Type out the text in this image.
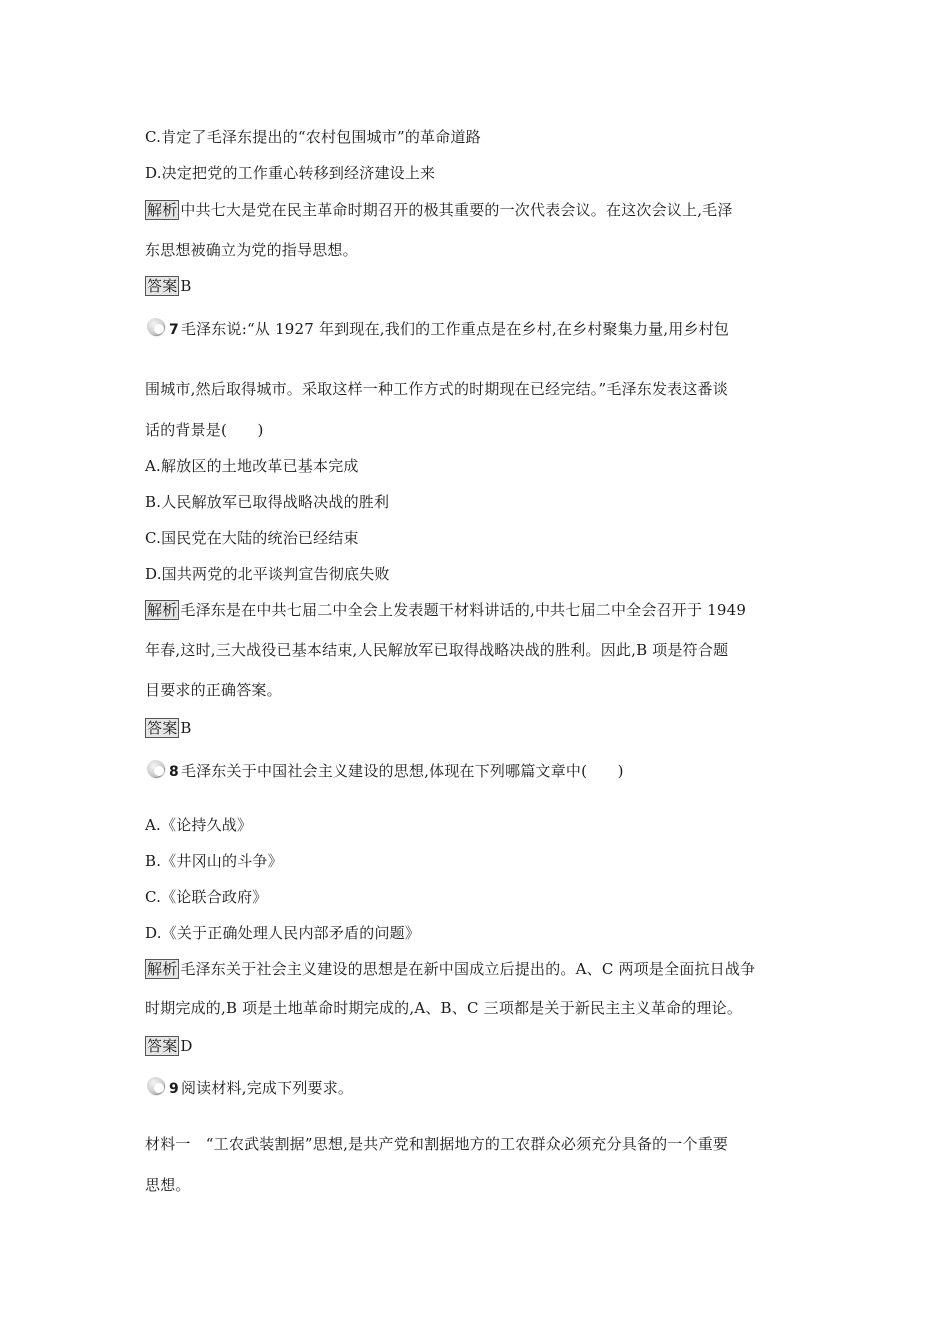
C.肯定了毛泽东提出的“农村包围城市”的革命道路
D.决定把党的工作重心转移到经济建设上来
解析 中共七大是党在民主革命时期召开的极其重要的一次代表会议。在这次会议上,毛泽
东思想被确立为党的指导思想。
答案 B
7 毛泽东说:“从 1927 年到现在,我们的工作重点是在乡村,在乡村聚集力量,用乡村包
围城市,然后取得城市。采取这样一种工作方式的时期现在已经完结。”毛泽东发表这番谈
话的背景是(　　)
A.解放区的土地改革已基本完成
B.人民解放军已取得战略决战的胜利
C.国民党在大陆的统治已经结束
D.国共两党的北平谈判宣告彻底失败
解析 毛泽东是在中共七届二中全会上发表题干材料讲话的,中共七届二中全会召开于 1949
年春,这时,三大战役已基本结束,人民解放军已取得战略决战的胜利。因此,B 项是符合题
目要求的正确答案。
答案 B
8 毛泽东关于中国社会主义建设的思想,体现在下列哪篇文章中(　　)
A.《论持久战》
B.《井冈山的斗争》
C.《论联合政府》
D.《关于正确处理人民内部矛盾的问题》
解析 毛泽东关于社会主义建设的思想是在新中国成立后提出的。A、C 两项是全面抗日战争
时期完成的,B 项是土地革命时期完成的,A、B、C 三项都是关于新民主主义革命的理论。
答案 D
9 阅读材料,完成下列要求。
材料一　“工农武装割据”思想,是共产党和割据地方的工农群众必须充分具备的一个重要
思想。
